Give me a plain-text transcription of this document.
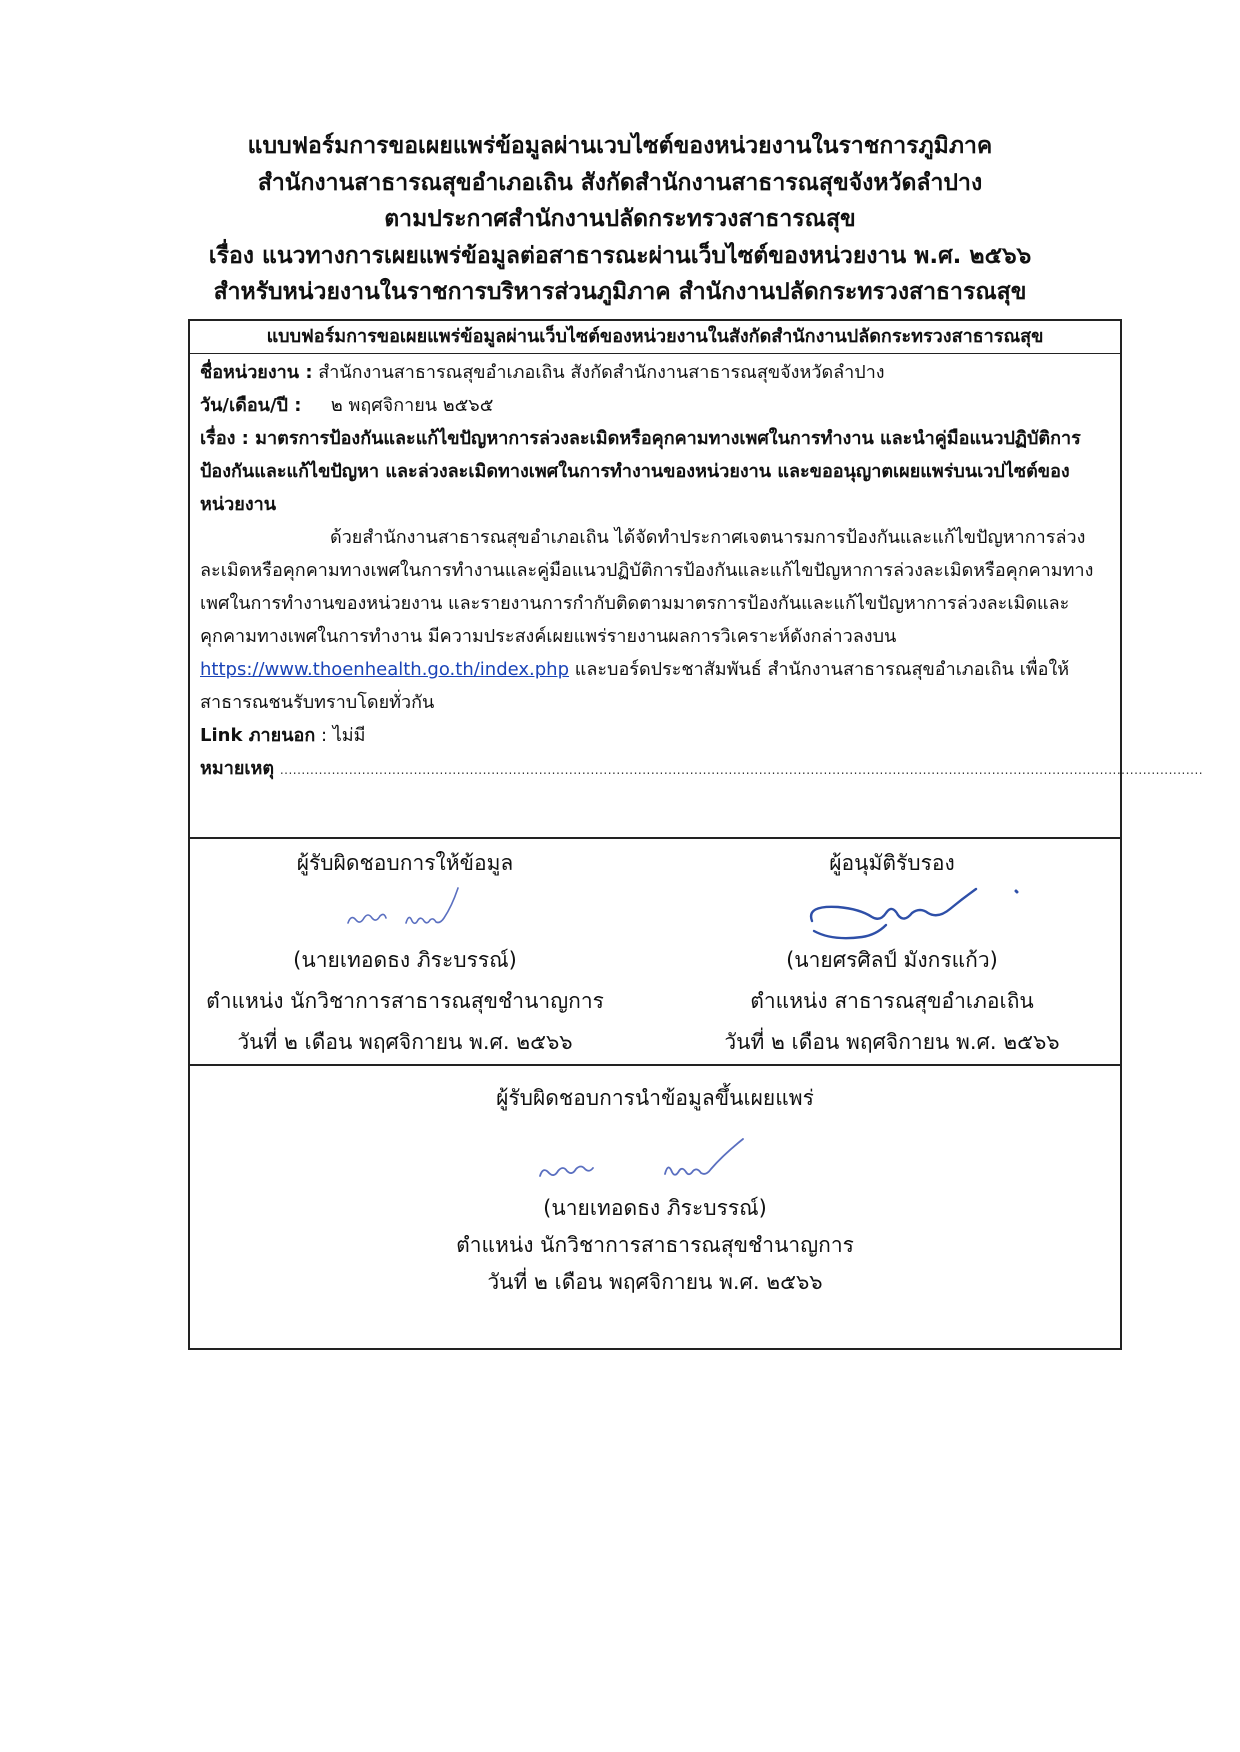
แบบฟอร์มการขอเผยแพร่ข้อมูลผ่านเวบไซต์ของหน่วยงานในราชการภูมิภาค
สำนักงานสาธารณสุขอำเภอเถิน สังกัดสำนักงานสาธารณสุขจังหวัดลำปาง
ตามประกาศสำนักงานปลัดกระทรวงสาธารณสุข
เรื่อง แนวทางการเผยแพร่ข้อมูลต่อสาธารณะผ่านเว็บไซต์ของหน่วยงาน พ.ศ. ๒๕๖๖
สำหรับหน่วยงานในราชการบริหารส่วนภูมิภาค สำนักงานปลัดกระทรวงสาธารณสุข
แบบฟอร์มการขอเผยแพร่ข้อมูลผ่านเว็บไซต์ของหน่วยงานในสังกัดสำนักงานปลัดกระทรวงสาธารณสุข
ชื่อหน่วยงาน : สำนักงานสาธารณสุขอำเภอเถิน สังกัดสำนักงานสาธารณสุขจังหวัดลำปาง
วัน/เดือน/ปี : ๒ พฤศจิกายน ๒๕๖๕
เรื่อง : มาตรการป้องกันและแก้ไขปัญหาการล่วงละเมิดหรือคุกคามทางเพศในการทำงาน และนำคู่มือแนวปฏิบัติการ
ป้องกันและแก้ไขปัญหา และล่วงละเมิดทางเพศในการทำงานของหน่วยงาน และขออนุญาตเผยแพร่บนเวปไซต์ของ
หน่วยงาน
ด้วยสำนักงานสาธารณสุขอำเภอเถิน ได้จัดทำประกาศเจตนารมการป้องกันและแก้ไขปัญหาการล่วง
ละเมิดหรือคุกคามทางเพศในการทำงานและคู่มือแนวปฏิบัติการป้องกันและแก้ไขปัญหาการล่วงละเมิดหรือคุกคามทาง
เพศในการทำงานของหน่วยงาน และรายงานการกำกับติดตามมาตรการป้องกันและแก้ไขปัญหาการล่วงละเมิดและ
คุกคามทางเพศในการทำงาน มีความประสงค์เผยแพร่รายงานผลการวิเคราะห์ดังกล่าวลงบน
https://www.thoenhealth.go.th/index.php และบอร์ดประชาสัมพันธ์ สำนักงานสาธารณสุขอำเภอเถิน เพื่อให้
สาธารณชนรับทราบโดยทั่วกัน
Link ภายนอก : ไม่มี
หมายเหตุ ......................................................................................................................................................................................................................
ผู้รับผิดชอบการให้ข้อมูล
(นายเทอดธง ภิระบรรณ์)
ตำแหน่ง นักวิชาการสาธารณสุขชำนาญการ
วันที่ ๒ เดือน พฤศจิกายน พ.ศ. ๒๕๖๖
ผู้อนุมัติรับรอง
(นายศรศิลป์ มังกรแก้ว)
ตำแหน่ง สาธารณสุขอำเภอเถิน
วันที่ ๒ เดือน พฤศจิกายน พ.ศ. ๒๕๖๖
ผู้รับผิดชอบการนำข้อมูลขึ้นเผยแพร่
(นายเทอดธง ภิระบรรณ์)
ตำแหน่ง นักวิชาการสาธารณสุขชำนาญการ
วันที่ ๒ เดือน พฤศจิกายน พ.ศ. ๒๕๖๖
